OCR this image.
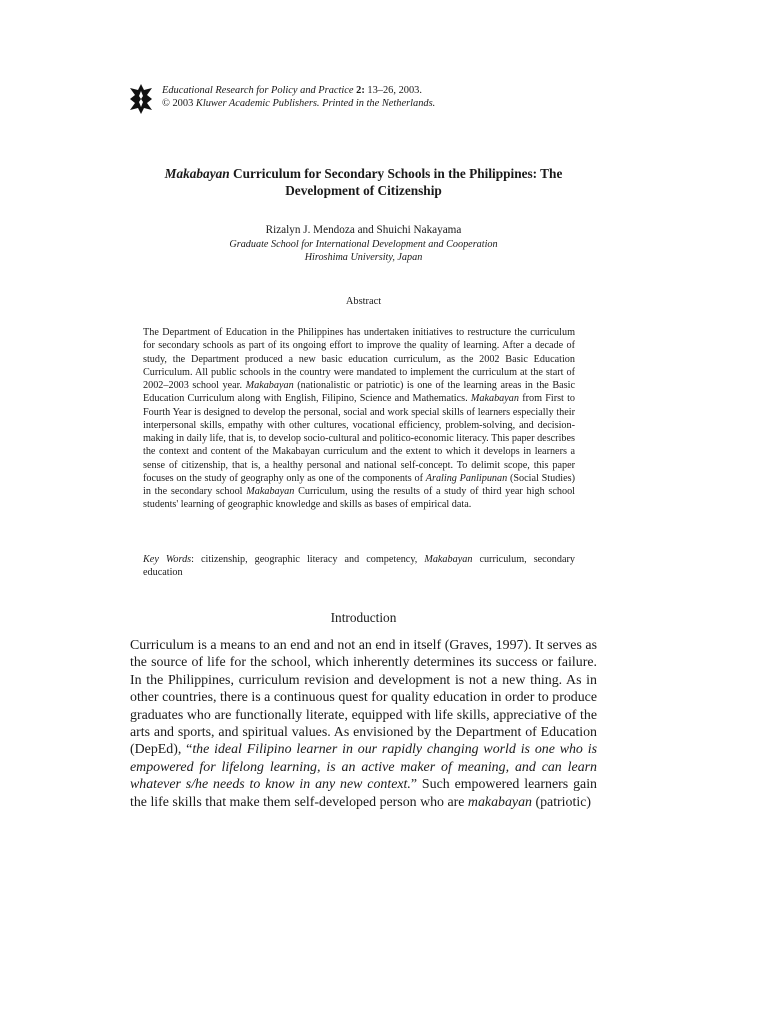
Educational Research for Policy and Practice 2: 13–26, 2003.
© 2003 Kluwer Academic Publishers. Printed in the Netherlands.
Makabayan Curriculum for Secondary Schools in the Philippines: The Development of Citizenship
Rizalyn J. Mendoza and Shuichi Nakayama
Graduate School for International Development and Cooperation
Hiroshima University, Japan
Abstract
The Department of Education in the Philippines has undertaken initiatives to restructure the curriculum for secondary schools as part of its ongoing effort to improve the quality of learning. After a decade of study, the Department produced a new basic education curriculum, as the 2002 Basic Education Curriculum. All public schools in the country were mandated to implement the curriculum at the start of 2002–2003 school year. Makabayan (nationalistic or patriotic) is one of the learning areas in the Basic Education Curriculum along with English, Filipino, Science and Mathematics. Makabayan from First to Fourth Year is designed to develop the personal, social and work special skills of learners especially their interpersonal skills, empathy with other cultures, vocational efficiency, problem-solving, and decision-making in daily life, that is, to develop socio-cultural and politico-economic literacy. This paper describes the context and content of the Makabayan curriculum and the extent to which it develops in learners a sense of citizenship, that is, a healthy personal and national self-concept. To delimit scope, this paper focuses on the study of geography only as one of the components of Araling Panlipunan (Social Studies) in the secondary school Makabayan Curriculum, using the results of a study of third year high school students' learning of geographic knowledge and skills as bases of empirical data.
Key Words: citizenship, geographic literacy and competency, Makabayan curriculum, secondary education
Introduction
Curriculum is a means to an end and not an end in itself (Graves, 1997). It serves as the source of life for the school, which inherently determines its success or failure. In the Philippines, curriculum revision and development is not a new thing. As in other countries, there is a continuous quest for quality education in order to produce graduates who are functionally literate, equipped with life skills, appreciative of the arts and sports, and spiritual values. As envisioned by the Department of Education (DepEd), “the ideal Filipino learner in our rapidly changing world is one who is empowered for lifelong learning, is an active maker of meaning, and can learn whatever s/he needs to know in any new context.” Such empowered learners gain the life skills that make them self-developed person who are makabayan (patriotic)
